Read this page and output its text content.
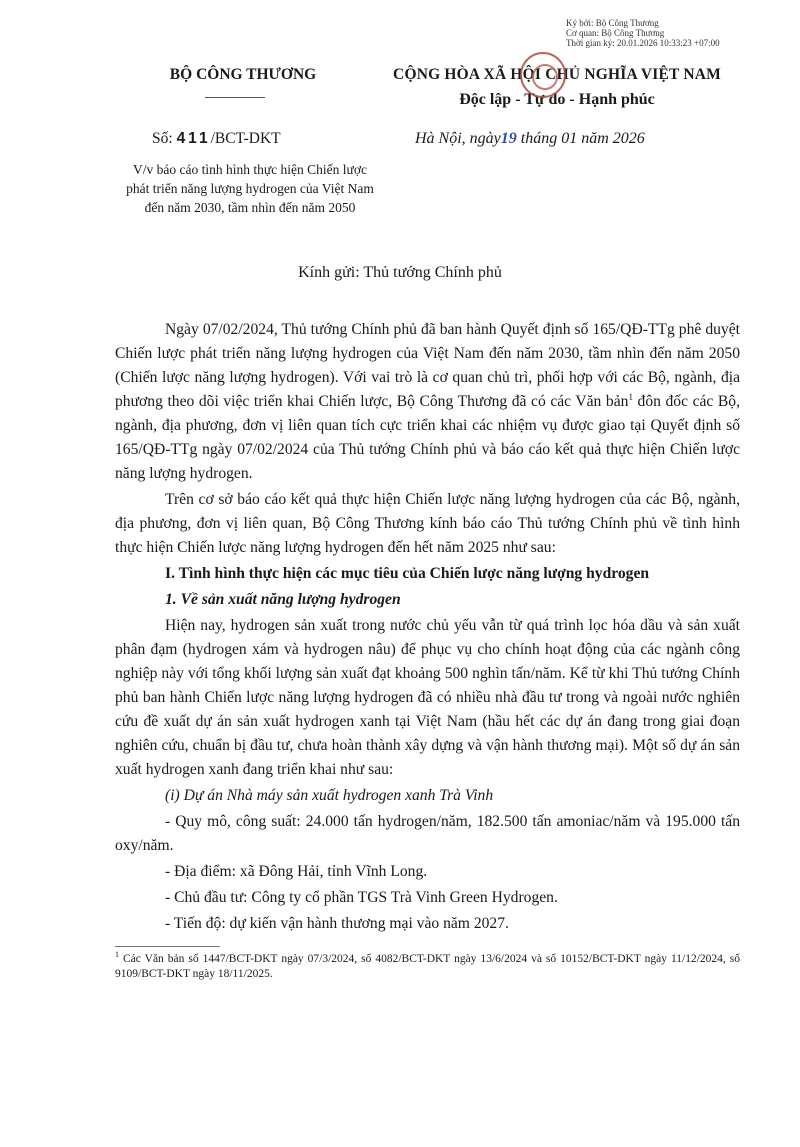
BỘ CÔNG THƯƠNG	CỘNG HÒA XÃ HỘI CHỦ NGHĨA VIỆT NAM
Độc lập - Tự do - Hạnh phúc
Ký bởi: Bộ Công Thương
Cơ quan: Bộ Công Thương
Thời gian ký: 20.01.2026 10:33:23 +07:00
Số: 411/BCT-DKT	Hà Nội, ngày19 tháng 01 năm 2026
V/v báo cáo tình hình thực hiện Chiến lược phát triển năng lượng hydrogen của Việt Nam đến năm 2030, tầm nhìn đến năm 2050
Kính gửi: Thủ tướng Chính phủ

Ngày 07/02/2024, Thủ tướng Chính phủ đã ban hành Quyết định số 165/QĐ-TTg phê duyệt Chiến lược phát triển năng lượng hydrogen của Việt Nam đến năm 2030, tầm nhìn đến năm 2050 (Chiến lược năng lượng hydrogen). Với vai trò là cơ quan chủ trì, phối hợp với các Bộ, ngành, địa phương theo dõi việc triển khai Chiến lược, Bộ Công Thương đã có các Văn bản$^1$ đôn đốc các Bộ, ngành, địa phương, đơn vị liên quan tích cực triển khai các nhiệm vụ được giao tại Quyết định số 165/QĐ-TTg ngày 07/02/2024 của Thủ tướng Chính phủ và báo cáo kết quả thực hiện Chiến lược năng lượng hydrogen.

Trên cơ sở báo cáo kết quả thực hiện Chiến lược năng lượng hydrogen của các Bộ, ngành, địa phương, đơn vị liên quan, Bộ Công Thương kính báo cáo Thủ tướng Chính phủ về tình hình thực hiện Chiến lược năng lượng hydrogen đến hết năm 2025 như sau:

I. Tình hình thực hiện các mục tiêu của Chiến lược năng lượng hydrogen
1. Về sản xuất năng lượng hydrogen

Hiện nay, hydrogen sản xuất trong nước chủ yếu vẫn từ quá trình lọc hóa dầu và sản xuất phân đạm (hydrogen xám và hydrogen nâu) để phục vụ cho chính hoạt động của các ngành công nghiệp này với tổng khối lượng sản xuất đạt khoảng 500 nghìn tấn/năm. Kể từ khi Thủ tướng Chính phủ ban hành Chiến lược năng lượng hydrogen đã có nhiều nhà đầu tư trong và ngoài nước nghiên cứu đề xuất dự án sản xuất hydrogen xanh tại Việt Nam (hầu hết các dự án đang trong giai đoạn nghiên cứu, chuẩn bị đầu tư, chưa hoàn thành xây dựng và vận hành thương mại). Một số dự án sản xuất hydrogen xanh đang triển khai như sau:

(i) Dự án Nhà máy sản xuất hydrogen xanh Trà Vinh

- Quy mô, công suất: 24.000 tấn hydrogen/năm, 182.500 tấn amoniac/năm và 195.000 tấn oxy/năm.

- Địa điểm: xã Đông Hải, tỉnh Vĩnh Long.

- Chủ đầu tư: Công ty cổ phần TGS Trà Vinh Green Hydrogen.

- Tiến độ: dự kiến vận hành thương mại vào năm 2027.

$^1$ Các Văn bản số 1447/BCT-DKT ngày 07/3/2024, số 4082/BCT-DKT ngày 13/6/2024 và số 10152/BCT-DKT ngày 11/12/2024, số 9109/BCT-DKT ngày 18/11/2025.
